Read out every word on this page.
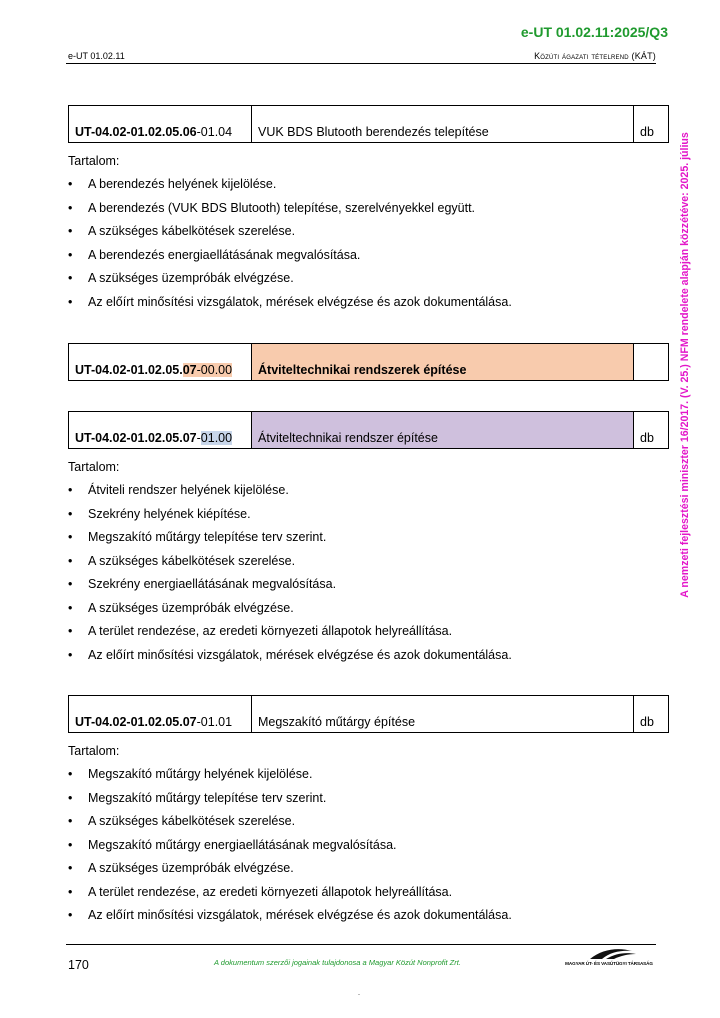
e-UT 01.02.11:2025/Q3
e-UT 01.02.11	Közúti ágazati tételrend (KÁT)
A nemzeti fejlesztési miniszter 16/2017. (V. 25.) NFM rendelete alapján közzétéve: 2025. július
UT-04.02-01.02.05.06-01.04	VUK BDS Blutooth berendezés telepítése	db
Tartalom:
• A berendezés helyének kijelölése.
• A berendezés (VUK BDS Blutooth) telepítése, szerelvényekkel együtt.
• A szükséges kábelkötések szerelése.
• A berendezés energiaellátásának megvalósítása.
• A szükséges üzempróbák elvégzése.
• Az előírt minősítési vizsgálatok, mérések elvégzése és azok dokumentálása.
UT-04.02-01.02.05.07-00.00	Átviteltechnikai rendszerek építése	
UT-04.02-01.02.05.07-01.00	Átviteltechnikai rendszer építése	db
Tartalom:
• Átviteli rendszer helyének kijelölése.
• Szekrény helyének kiépítése.
• Megszakító műtárgy telepítése terv szerint.
• A szükséges kábelkötések szerelése.
• Szekrény energiaellátásának megvalósítása.
• A szükséges üzempróbák elvégzése.
• A terület rendezése, az eredeti környezeti állapotok helyreállítása.
• Az előírt minősítési vizsgálatok, mérések elvégzése és azok dokumentálása.
UT-04.02-01.02.05.07-01.01	Megszakító műtárgy építése	db
Tartalom:
• Megszakító műtárgy helyének kijelölése.
• Megszakító műtárgy telepítése terv szerint.
• A szükséges kábelkötések szerelése.
• Megszakító műtárgy energiaellátásának megvalósítása.
• A szükséges üzempróbák elvégzése.
• A terület rendezése, az eredeti környezeti állapotok helyreállítása.
• Az előírt minősítési vizsgálatok, mérések elvégzése és azok dokumentálása.
170	A dokumentum szerzői jogainak tulajdonosa a Magyar Közút Nonprofit Zrt.	MAGYAR ÚT- ÉS VASÚTÜGYI TÁRSASÁG
